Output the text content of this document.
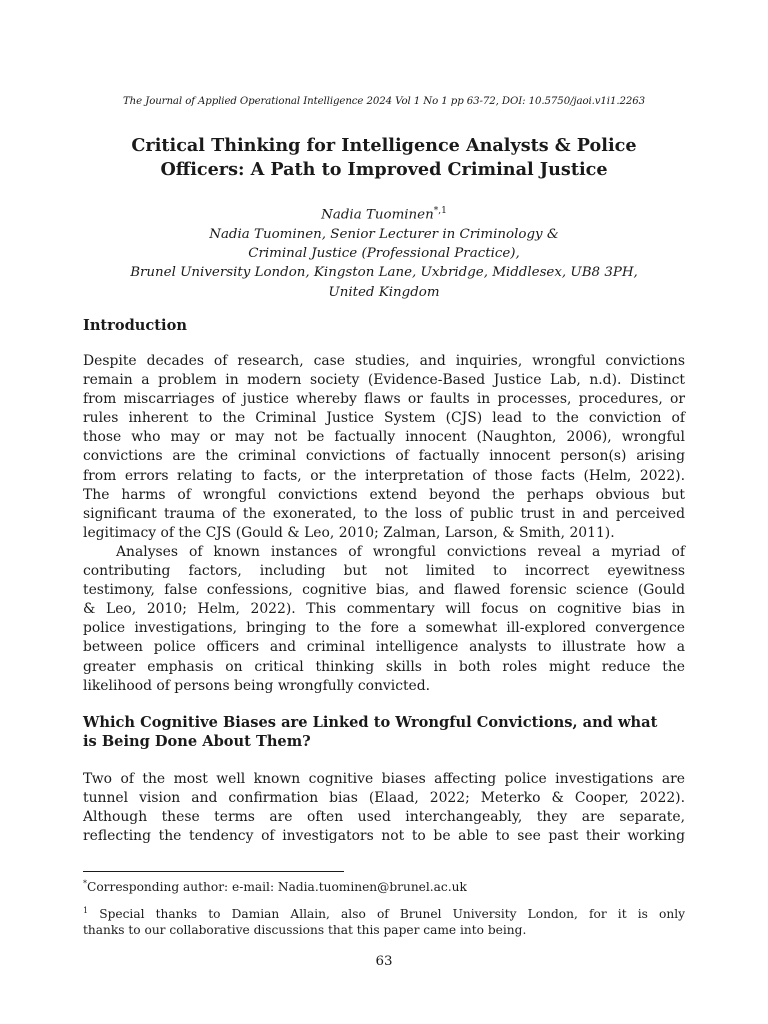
The Journal of Applied Operational Intelligence 2024 Vol 1 No 1 pp 63-72, DOI: 10.5750/jaoi.v1i1.2263
Critical Thinking for Intelligence Analysts & Police
Officers: A Path to Improved Criminal Justice
Nadia Tuominen$^{*,1}$
Nadia Tuominen, Senior Lecturer in Criminology &
Criminal Justice (Professional Practice),
Brunel University London, Kingston Lane, Uxbridge, Middlesex, UB8 3PH,
United Kingdom
Introduction

Despite decades of research, case studies, and inquiries, wrongful convictions
remain a problem in modern society (Evidence-Based Justice Lab, n.d). Distinct
from miscarriages of justice whereby flaws or faults in processes, procedures, or
rules inherent to the Criminal Justice System (CJS) lead to the conviction of
those who may or may not be factually innocent (Naughton, 2006), wrongful
convictions are the criminal convictions of factually innocent person(s) arising
from errors relating to facts, or the interpretation of those facts (Helm, 2022).
The harms of wrongful convictions extend beyond the perhaps obvious but
significant trauma of the exonerated, to the loss of public trust in and perceived
legitimacy of the CJS (Gould & Leo, 2010; Zalman, Larson, & Smith, 2011).

Analyses of known instances of wrongful convictions reveal a myriad of
contributing factors, including but not limited to incorrect eyewitness
testimony, false confessions, cognitive bias, and flawed forensic science (Gould
& Leo, 2010; Helm, 2022). This commentary will focus on cognitive bias in
police investigations, bringing to the fore a somewhat ill-explored convergence
between police officers and criminal intelligence analysts to illustrate how a
greater emphasis on critical thinking skills in both roles might reduce the
likelihood of persons being wrongfully convicted.

Which Cognitive Biases are Linked to Wrongful Convictions, and what
is Being Done About Them?

Two of the most well known cognitive biases affecting police investigations are
tunnel vision and confirmation bias (Elaad, 2022; Meterko & Cooper, 2022).
Although these terms are often used interchangeably, they are separate,
reflecting the tendency of investigators not to be able to see past their working

*Corresponding author: e-mail: Nadia.tuominen@brunel.ac.uk

$^1$ Special thanks to Damian Allain, also of Brunel University London, for it is only
thanks to our collaborative discussions that this paper came into being.

63
